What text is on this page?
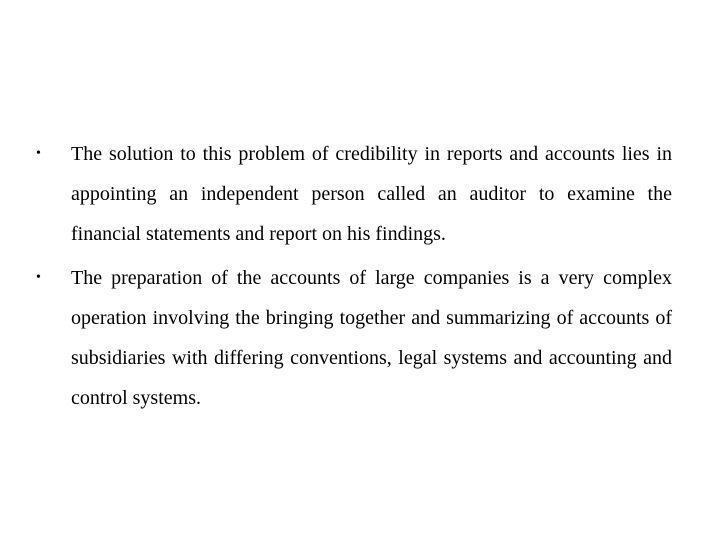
• The solution to this problem of credibility in reports and accounts lies in appointing an independent person called an auditor to examine the financial statements and report on his findings.
• The preparation of the accounts of large companies is a very complex operation involving the bringing together and summarizing of accounts of subsidiaries with differing conventions, legal systems and accounting and control systems.
